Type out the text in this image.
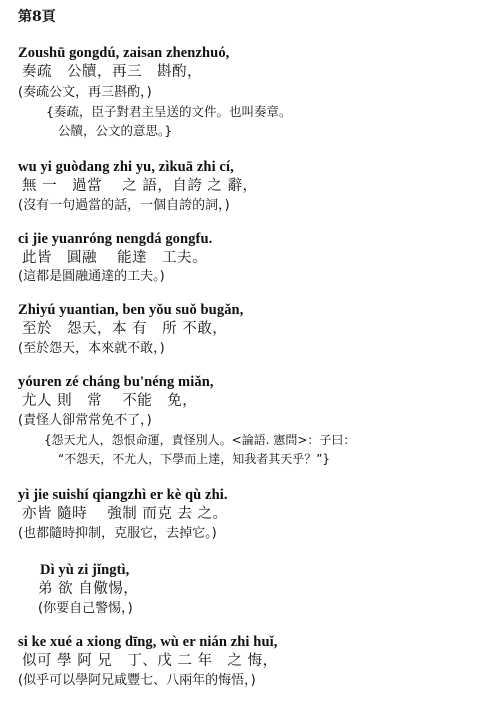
第8頁
Zoushū gongdú, zaisan zhenzhuó,
奏疏　公牘，再三　斟酌，
(奏疏公文，再三斟酌，)
{奏疏，臣子對君主呈送的文件。也叫奏章。
公牘，公文的意思。}
wu yi guòdang zhi yu, zìkuā zhi cí,
無 一　過當　 之 語，自誇 之 辭，
(沒有一句過當的話，一個自誇的詞，)
ci jie yuanróng nengdá gongfu.
此皆　圓融　 能達　工夫。
(這都是圓融通達的工夫。)
Zhiyú yuantian, ben yǒu suǒ bugǎn,
至於　怨天，本 有　所 不敢，
(至於怨天，本來就不敢，)
yóuren zé cháng bu'néng miǎn,
尤人 則　常　 不能　免，
(責怪人卻常常免不了，)
{怨天尤人，怨恨命運，責怪別人。<論語. 憲問>：子曰：
“不怨天，不尤人，下學而上達，知我者其天乎？”}
yì jie suishí qiangzhì er kè qù zhi.
亦皆 隨時　 強制 而克 去 之。
(也都隨時抑制，克服它，去掉它。)
Dì yù zi jǐngtì,
弟 欲 自儆惕，
(你要自己警惕，)
si ke xué a xiong dīng, wù er nián zhi huǐ,
似可 學 阿 兄　丁、戊 二 年　之 悔，
(似乎可以學阿兄咸豐七、八兩年的悔悟，)
